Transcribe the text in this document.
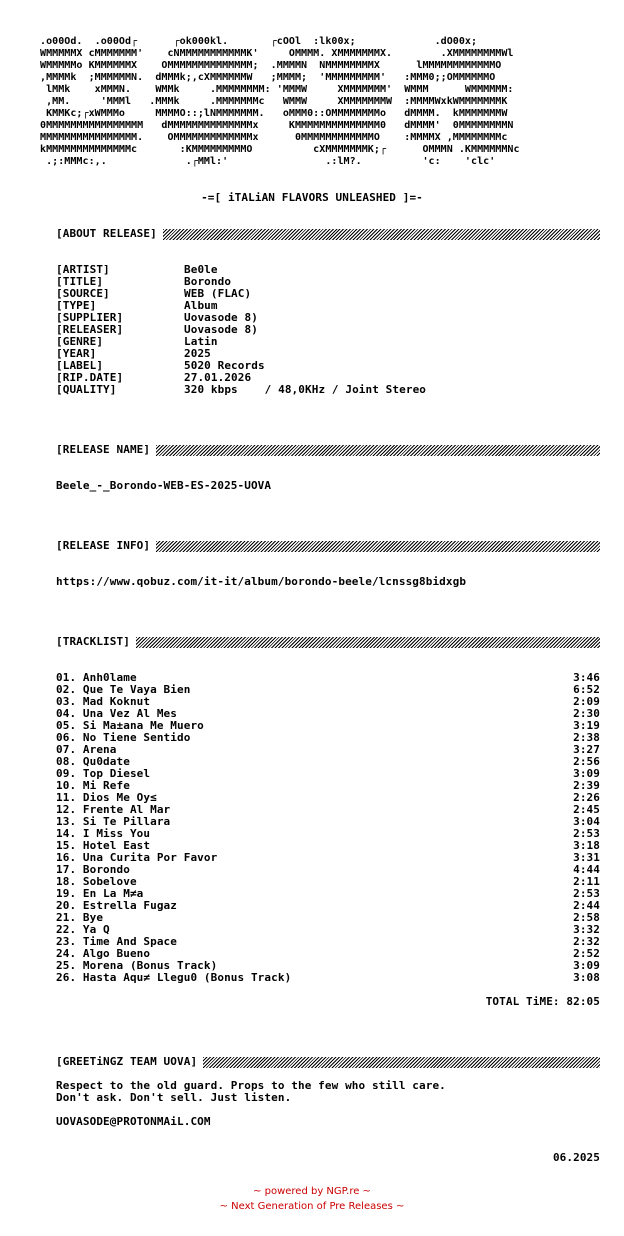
.o00Od.  .o00Od┌      ┌ok000kl.       ┌cOOl  :lk00x;             .dO00x;
WMMMMMX cMMMMMMM'    cNMMMMMMMMMMMK'     OMMMM. XMMMMMMMX.        .XMMMMMMMMWl
WMMMMMo KMMMMMMX    OMMMMMMMMMMMMMM;  .MMMMN  NMMMMMMMMX      lMMMMMMMMMMMMO
,MMMMk  ;MMMMMMN.  dMMMk;,cXMMMMMMW   ;MMMM;  'MMMMMMMMM'   :MMM0;;OMMMMMMO
lMMk    xMMMN.    WMMk     .MMMMMMMM: 'MMMW     XMMMMMMM'  WMMM      WMMMMMM:
,MM.     'MMMl   .MMMk     .MMMMMMMc   WMMW     XMMMMMMMW  :MMMMWxkWMMMMMMMK
KMMKc;┌xWMMMo     MMMMO::;lNMMMMMMM.   oMMM0::OMMMMMMMMo   dMMMM.  kMMMMMMMW
0MMMMMMMMMMMMMMMM   dMMMMMMMMMMMMMMx     KMMMMMMMMMMMMMM0   dMMMM'  0MMMMMMMMN
MMMMMMMMMMMMMMMM.    OMMMMMMMMMMMMMx      0MMMMMMMMMMMMO    :MMMMX ,MMMMMMMMc
kMMMMMMMMMMMMMMc       :KMMMMMMMMMO          cXMMMMMMMK;┌      OMMMN .KMMMMMMNc
.;:MMMc:,.             .┌MMl:'                .:lM?.          'c:    'clc'
-=[ iTALiAN FLAVORS UNLEASHED ]=-
[ABOUT RELEASE]
[ARTIST]	Be0le
[TITLE]	Borondo
[SOURCE]	WEB (FLAC)
[TYPE]	Album
[SUPPLIER]	Uovasode 8)
[RELEASER]	Uovasode 8)
[GENRE]	Latin
[YEAR]	2025
[LABEL]	5020 Records
[RIP.DATE]	27.01.2026
[QUALITY]	320 kbps    / 48,0KHz / Joint Stereo
[RELEASE NAME]
Beele_-_Borondo-WEB-ES-2025-UOVA
[RELEASE INFO]
https://www.qobuz.com/it-it/album/borondo-beele/lcnssg8bidxgb
[TRACKLIST]
01. Anh0lame	3:46
02. Que Te Vaya Bien	6:52
03. Mad Koknut	2:09
04. Una Vez Al Mes	2:30
05. Si Ma±ana Me Muero	3:19
06. No Tiene Sentido	2:38
07. Arena	3:27
08. Qu0date	2:56
09. Top Diesel	3:09
10. Mi Refe	2:39
11. Dios Me Oy≤	2:26
12. Frente Al Mar	2:45
13. Si Te Pillara	3:04
14. I Miss You	2:53
15. Hotel East	3:18
16. Una Curita Por Favor	3:31
17. Borondo	4:44
18. Sobelove	2:11
19. En La M≠a	2:53
20. Estrella Fugaz	2:44
21. Bye	2:58
22. Ya Q	3:32
23. Time And Space	2:32
24. Algo Bueno	2:52
25. Morena (Bonus Track)	3:09
26. Hasta Aqu≠ Llegu0 (Bonus Track)	3:08
TOTAL TiME: 82:05
[GREETiNGZ TEAM UOVA]
Respect to the old guard. Props to the few who still care.
Don't ask. Don't sell. Just listen.
UOVASODE@PROTONMAiL.COM
06.2025
~ powered by NGP.re ~
~ Next Generation of Pre Releases ~
